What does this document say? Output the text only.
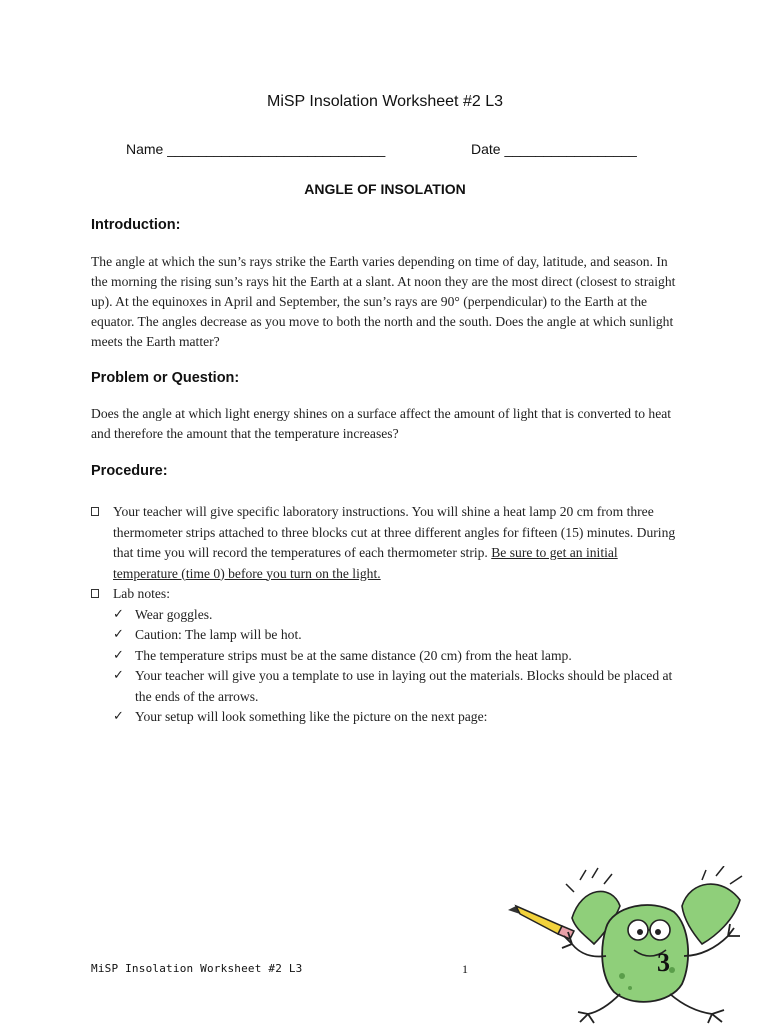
MiSP Insolation Worksheet #2 L3
Name ____________________________	Date _________________
ANGLE OF INSOLATION
Introduction:
The angle at which the sun’s rays strike the Earth varies depending on time of day, latitude, and season. In the morning the rising sun’s rays hit the Earth at a slant. At noon they are the most direct (closest to straight up). At the equinoxes in April and September, the sun’s rays are 90° (perpendicular) to the Earth at the equator. The angles decrease as you move to both the north and the south. Does the angle at which sunlight meets the Earth matter?
Problem or Question:
Does the angle at which light energy shines on a surface affect the amount of light that is converted to heat and therefore the amount that the temperature increases?
Procedure:
Your teacher will give specific laboratory instructions. You will shine a heat lamp 20 cm from three thermometer strips attached to three blocks cut at three different angles for fifteen (15) minutes. During that time you will record the temperatures of each thermometer strip. Be sure to get an initial temperature (time 0) before you turn on the light.
Lab notes:
✓ Wear goggles.
✓ Caution: The lamp will be hot.
✓ The temperature strips must be at the same distance (20 cm) from the heat lamp.
✓ Your teacher will give you a template to use in laying out the materials. Blocks should be placed at the ends of the arrows.
✓ Your setup will look something like the picture on the next page:
MiSP Insolation Worksheet #2 L3	1	3
